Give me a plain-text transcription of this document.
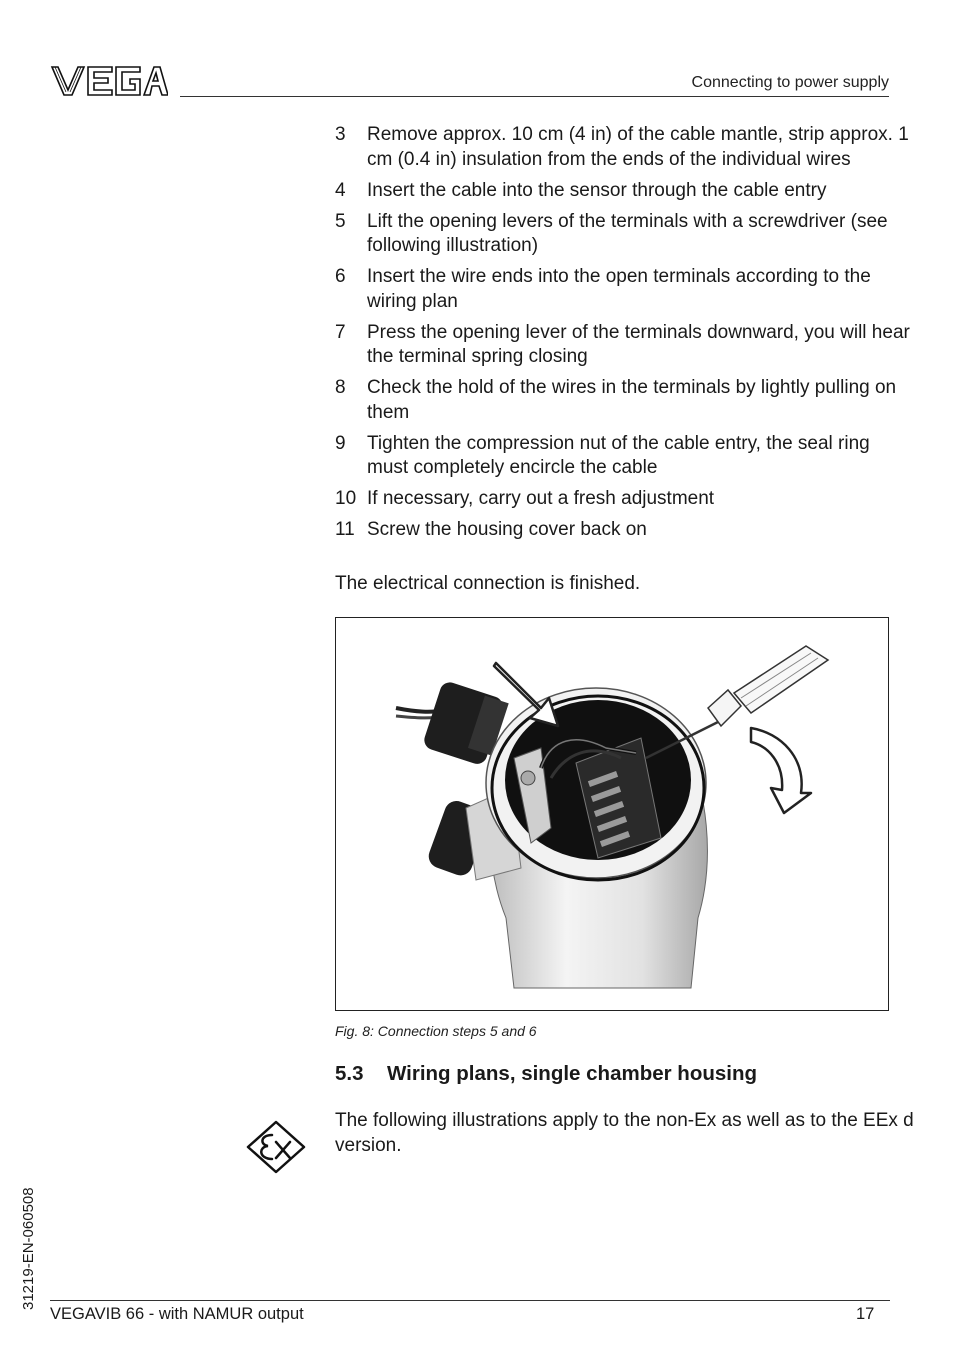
Connecting to power supply
3	Remove approx. 10 cm (4 in) of the cable mantle, strip approx. 1 cm (0.4 in) insulation from the ends of the individual wires
4	Insert the cable into the sensor through the cable entry
5	Lift the opening levers of the terminals with a screwdriver (see following illustration)
6	Insert the wire ends into the open terminals according to the wiring plan
7	Press the opening lever of the terminals downward, you will hear the terminal spring closing
8	Check the hold of the wires in the terminals by lightly pulling on them
9	Tighten the compression nut of the cable entry, the seal ring must completely encircle the cable
10 If necessary, carry out a fresh adjustment
11 Screw the housing cover back on
The electrical connection is finished.
Fig. 8: Connection steps 5 and 6
5.3 Wiring plans, single chamber housing
The following illustrations apply to the non-Ex as well as to the EEx d version.
31219-EN-060508
VEGAVIB 66 - with NAMUR output	17
